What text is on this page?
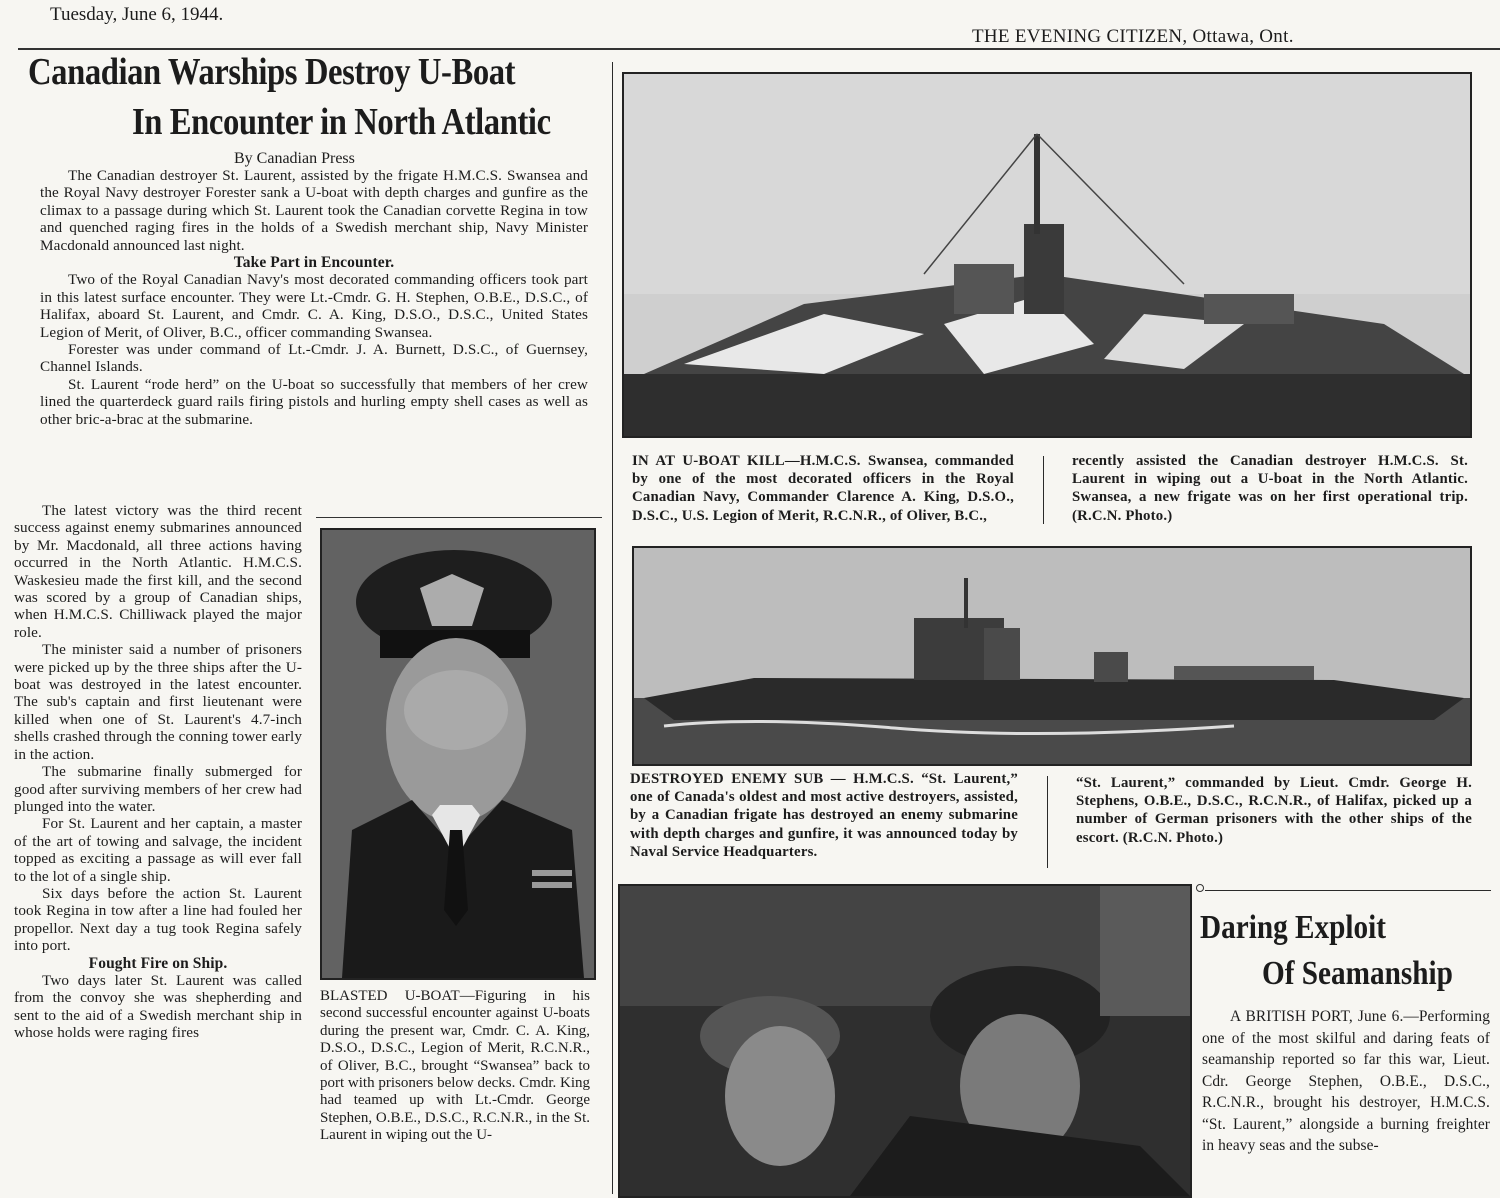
Tuesday, June 6, 1944.
THE EVENING CITIZEN, Ottawa, Ont.
Canadian Warships Destroy U-Boat
In Encounter in North Atlantic
By Canadian Press

The Canadian destroyer St. Laurent, assisted by the frigate H.M.C.S. Swansea and the Royal Navy destroyer Forester sank a U-boat with depth charges and gunfire as the climax to a passage during which St. Laurent took the Canadian corvette Regina in tow and quenched raging fires in the holds of a Swedish merchant ship, Navy Minister Macdonald announced last night.

Take Part in Encounter.

Two of the Royal Canadian Navy's most decorated commanding officers took part in this latest surface encounter. They were Lt.-Cmdr. G. H. Stephen, O.B.E., D.S.C., of Halifax, aboard St. Laurent, and Cmdr. C. A. King, D.S.O., D.S.C., United States Legion of Merit, of Oliver, B.C., officer commanding Swansea.

Forester was under command of Lt.-Cmdr. J. A. Burnett, D.S.C., of Guernsey, Channel Islands.

St. Laurent “rode herd” on the U-boat so successfully that members of her crew lined the quarterdeck guard rails firing pistols and hurling empty shell cases as well as other bric-a-brac at the submarine.

The latest victory was the third recent success against enemy submarines announced by Mr. Macdonald, all three actions having occurred in the North Atlantic. H.M.C.S. Waskesieu made the first kill, and the second was scored by a group of Canadian ships, when H.M.C.S. Chilliwack played the major role.

The minister said a number of prisoners were picked up by the three ships after the U-boat was destroyed in the latest encounter. The sub's captain and first lieutenant were killed when one of St. Laurent's 4.7-inch shells crashed through the conning tower early in the action.

The submarine finally submerged for good after surviving members of her crew had plunged into the water.

For St. Laurent and her captain, a master of the art of towing and salvage, the incident topped as exciting a passage as will ever fall to the lot of a single ship.

Six days before the action St. Laurent took Regina in tow after a line had fouled her propellor. Next day a tug took Regina safely into port.

Fought Fire on Ship.

Two days later St. Laurent was called from the convoy she was shepherding and sent to the aid of a Swedish merchant ship in whose holds were raging fires

BLASTED U-BOAT—Figuring in his second successful encounter against U-boats during the present war, Cmdr. C. A. King, D.S.O., D.S.C., Legion of Merit, R.C.N.R., of Oliver, B.C., brought “Swansea” back to port with prisoners below decks. Cmdr. King had teamed up with Lt.-Cmdr. George Stephen, O.B.E., D.S.C., R.C.N.R., in the St. Laurent in wiping out the U-
IN AT U-BOAT KILL—H.M.C.S. Swansea, commanded by one of the most decorated officers in the Royal Canadian Navy, Commander Clarence A. King, D.S.O., D.S.C., U.S. Legion of Merit, R.C.N.R., of Oliver, B.C.,
recently assisted the Canadian destroyer H.M.C.S. St. Laurent in wiping out a U-boat in the North Atlantic. Swansea, a new frigate was on her first operational trip. (R.C.N. Photo.)
DESTROYED ENEMY SUB — H.M.C.S. “St. Laurent,” one of Canada's oldest and most active destroyers, assisted, by a Canadian frigate has destroyed an enemy submarine with depth charges and gunfire, it was announced today by Naval Service Headquarters.
“St. Laurent,” commanded by Lieut. Cmdr. George H. Stephens, O.B.E., D.S.C., R.C.N.R., of Halifax, picked up a number of German prisoners with the other ships of the escort. (R.C.N. Photo.)
Daring Exploit
Of Seamanship

A BRITISH PORT, June 6.—Performing one of the most skilful and daring feats of seamanship reported so far this war, Lieut. Cdr. George Stephen, O.B.E., D.S.C., R.C.N.R., brought his destroyer, H.M.C.S. “St. Laurent,” alongside a burning freighter in heavy seas and the subse-
